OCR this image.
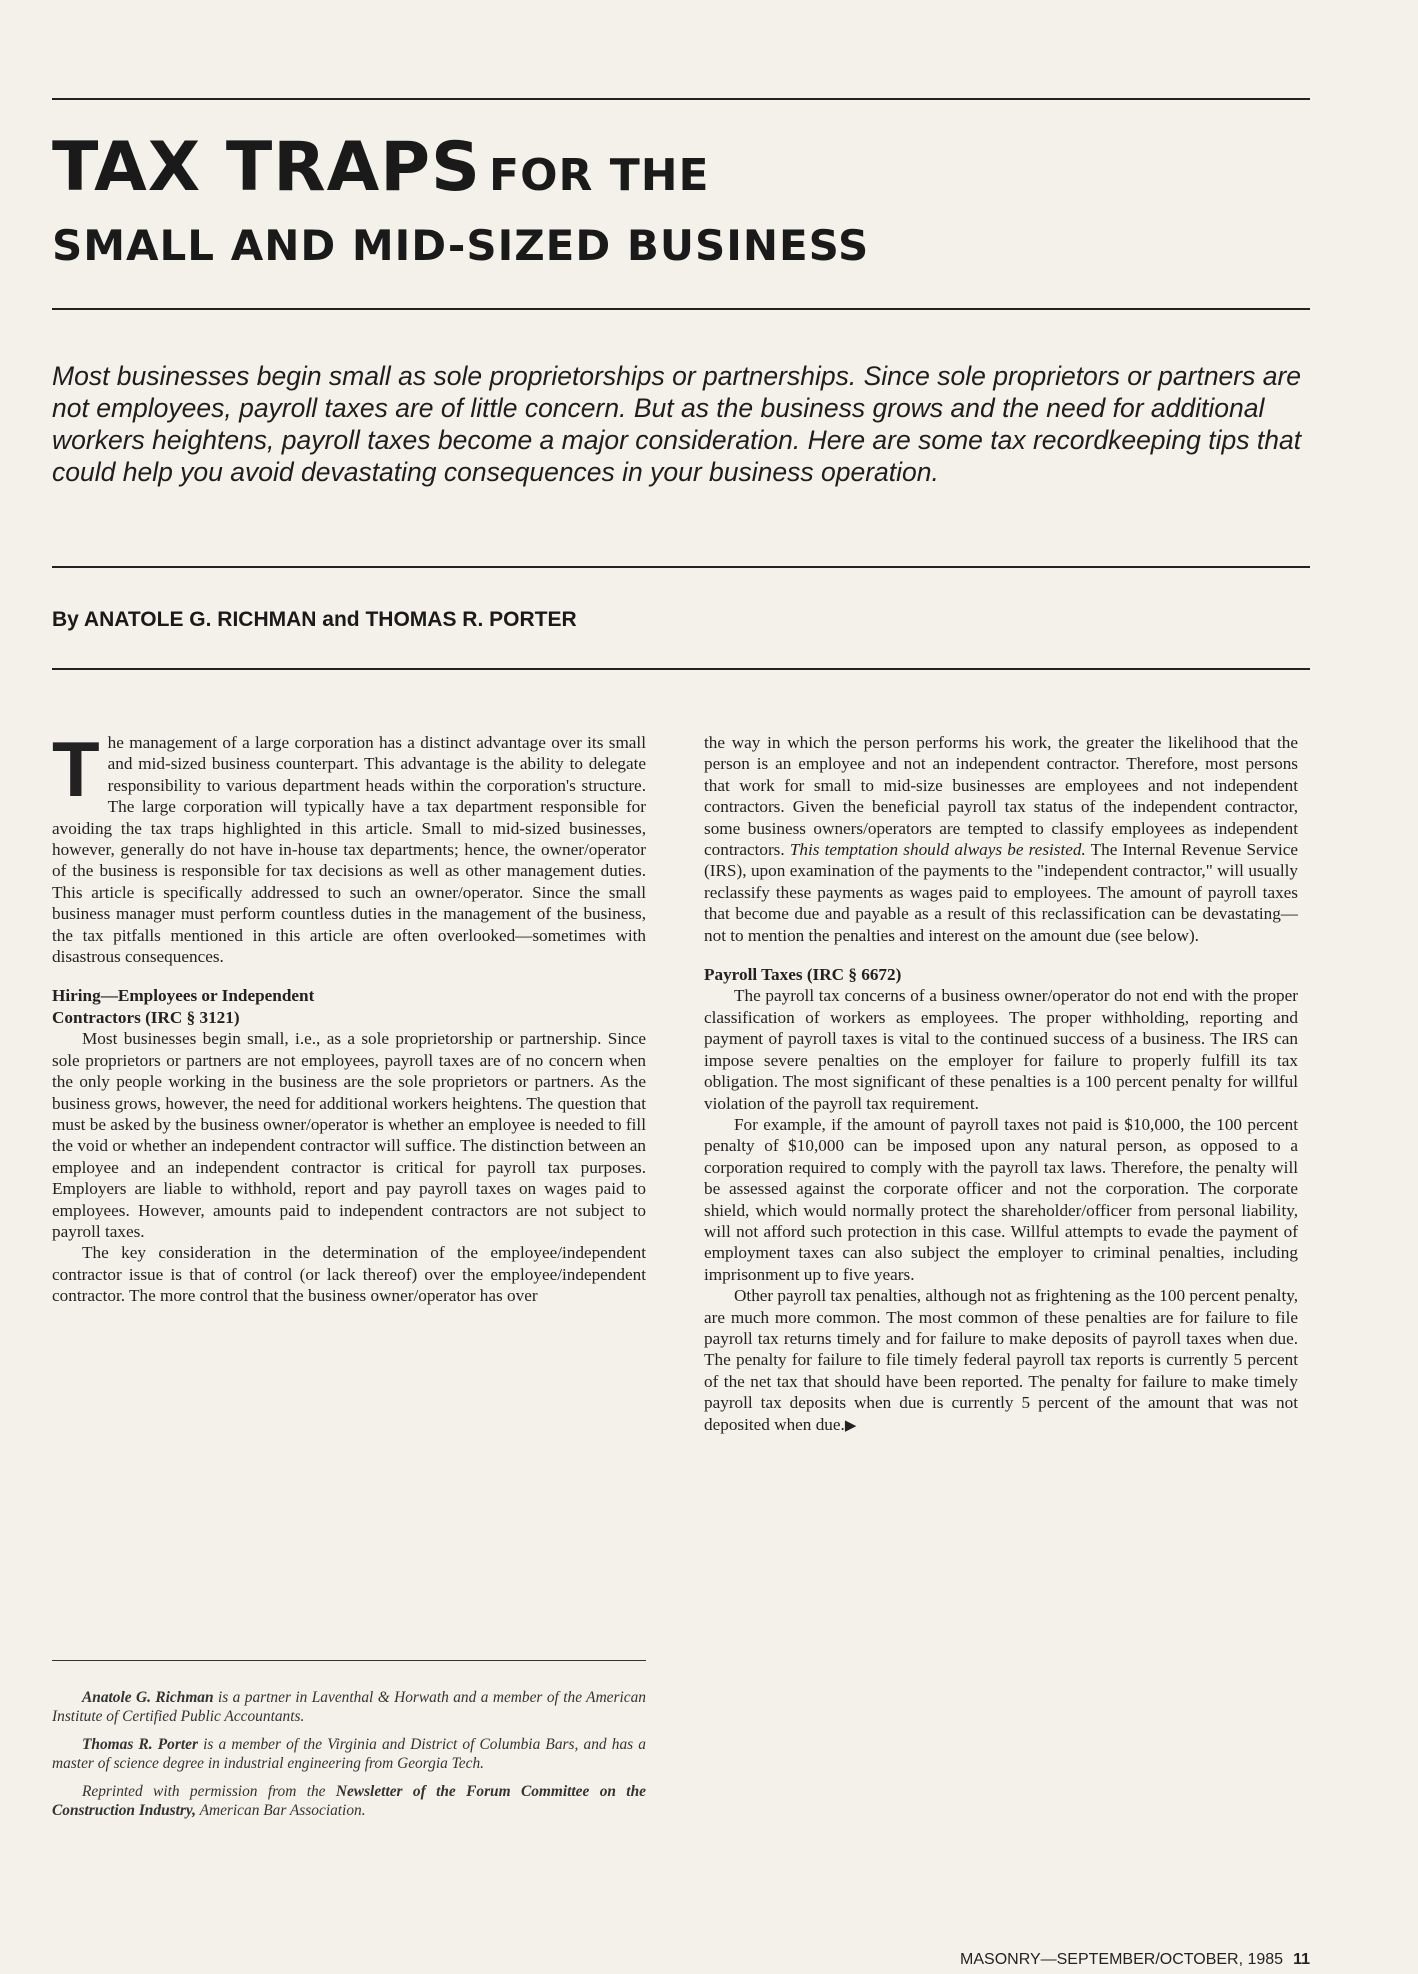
TAX TRAPS FOR THE
SMALL AND MID-SIZED BUSINESS
Most businesses begin small as sole proprietorships or partnerships. Since sole proprietors or partners are not employees, payroll taxes are of little concern. But as the business grows and the need for additional workers heightens, payroll taxes become a major consideration. Here are some tax recordkeeping tips that could help you avoid devastating consequences in your business operation.
By ANATOLE G. RICHMAN and THOMAS R. PORTER

The management of a large corporation has a distinct advantage over its small and mid-sized business counterpart. This advantage is the ability to delegate responsibility to various department heads within the corporation's structure. The large corporation will typically have a tax department responsible for avoiding the tax traps highlighted in this article. Small to mid-sized businesses, however, generally do not have in-house tax departments; hence, the owner/operator of the business is responsible for tax decisions as well as other management duties. This article is specifically addressed to such an owner/operator. Since the small business manager must perform countless duties in the management of the business, the tax pitfalls mentioned in this article are often overlooked—sometimes with disastrous consequences.

Hiring—Employees or Independent
Contractors (IRC § 3121)

Most businesses begin small, i.e., as a sole proprietorship or partnership. Since sole proprietors or partners are not employees, payroll taxes are of no concern when the only people working in the business are the sole proprietors or partners. As the business grows, however, the need for additional workers heightens. The question that must be asked by the business owner/operator is whether an employee is needed to fill the void or whether an independent contractor will suffice. The distinction between an employee and an independent contractor is critical for payroll tax purposes. Employers are liable to withhold, report and pay payroll taxes on wages paid to employees. However, amounts paid to independent contractors are not subject to payroll taxes.

The key consideration in the determination of the employee/independent contractor issue is that of control (or lack thereof) over the employee/independent contractor. The more control that the business owner/operator has over

Anatole G. Richman is a partner in Laventhal & Horwath and a member of the American Institute of Certified Public Accountants.

Thomas R. Porter is a member of the Virginia and District of Columbia Bars, and has a master of science degree in industrial engineering from Georgia Tech.

Reprinted with permission from the Newsletter of the Forum Committee on the Construction Industry, American Bar Association.

the way in which the person performs his work, the greater the likelihood that the person is an employee and not an independent contractor. Therefore, most persons that work for small to mid-size businesses are employees and not independent contractors. Given the beneficial payroll tax status of the independent contractor, some business owners/operators are tempted to classify employees as independent contractors. This temptation should always be resisted. The Internal Revenue Service (IRS), upon examination of the payments to the "independent contractor," will usually reclassify these payments as wages paid to employees. The amount of payroll taxes that become due and payable as a result of this reclassification can be devastating—not to mention the penalties and interest on the amount due (see below).

Payroll Taxes (IRC § 6672)

The payroll tax concerns of a business owner/operator do not end with the proper classification of workers as employees. The proper withholding, reporting and payment of payroll taxes is vital to the continued success of a business. The IRS can impose severe penalties on the employer for failure to properly fulfill its tax obligation. The most significant of these penalties is a 100 percent penalty for willful violation of the payroll tax requirement.

For example, if the amount of payroll taxes not paid is $10,000, the 100 percent penalty of $10,000 can be imposed upon any natural person, as opposed to a corporation required to comply with the payroll tax laws. Therefore, the penalty will be assessed against the corporate officer and not the corporation. The corporate shield, which would normally protect the shareholder/officer from personal liability, will not afford such protection in this case. Willful attempts to evade the payment of employment taxes can also subject the employer to criminal penalties, including imprisonment up to five years.

Other payroll tax penalties, although not as frightening as the 100 percent penalty, are much more common. The most common of these penalties are for failure to file payroll tax returns timely and for failure to make deposits of payroll taxes when due. The penalty for failure to file timely federal payroll tax reports is currently 5 percent of the net tax that should have been reported. The penalty for failure to make timely payroll tax deposits when due is currently 5 percent of the amount that was not deposited when due.▶

MASONRY—SEPTEMBER/OCTOBER, 1985 11
